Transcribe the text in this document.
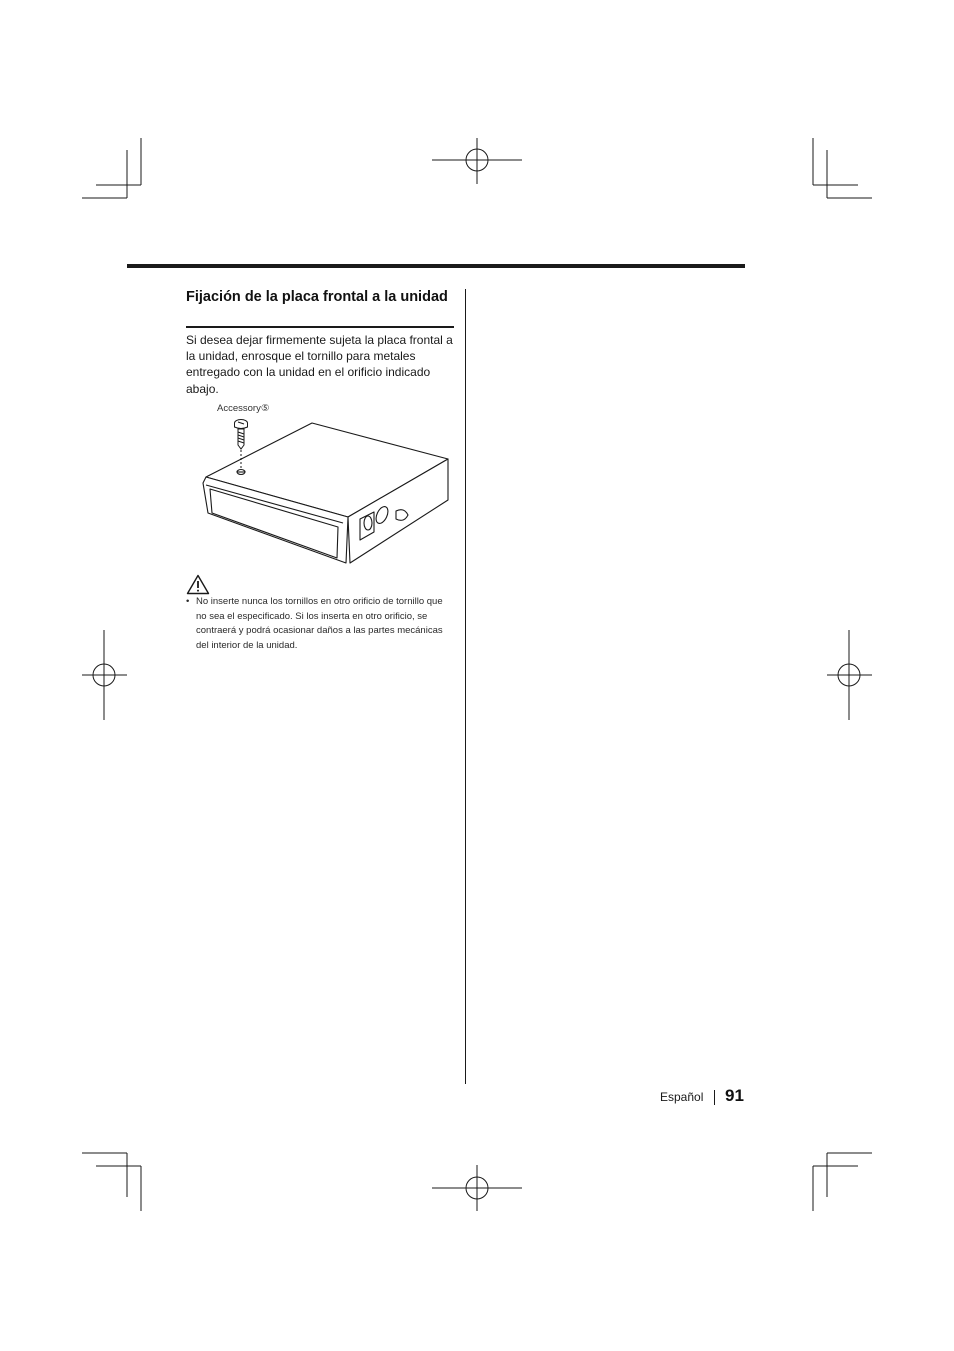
Fijación de la placa frontal a la unidad
Si desea dejar firmemente sujeta la placa frontal a la unidad, enrosque el tornillo para metales entregado con la unidad en el orificio indicado abajo.
Accessory⑤
• No inserte nunca los tornillos en otro orificio de tornillo que no sea el especificado. Si los inserta en otro orificio, se contraerá y podrá ocasionar daños a las partes mecánicas del interior de la unidad.
Español 91
